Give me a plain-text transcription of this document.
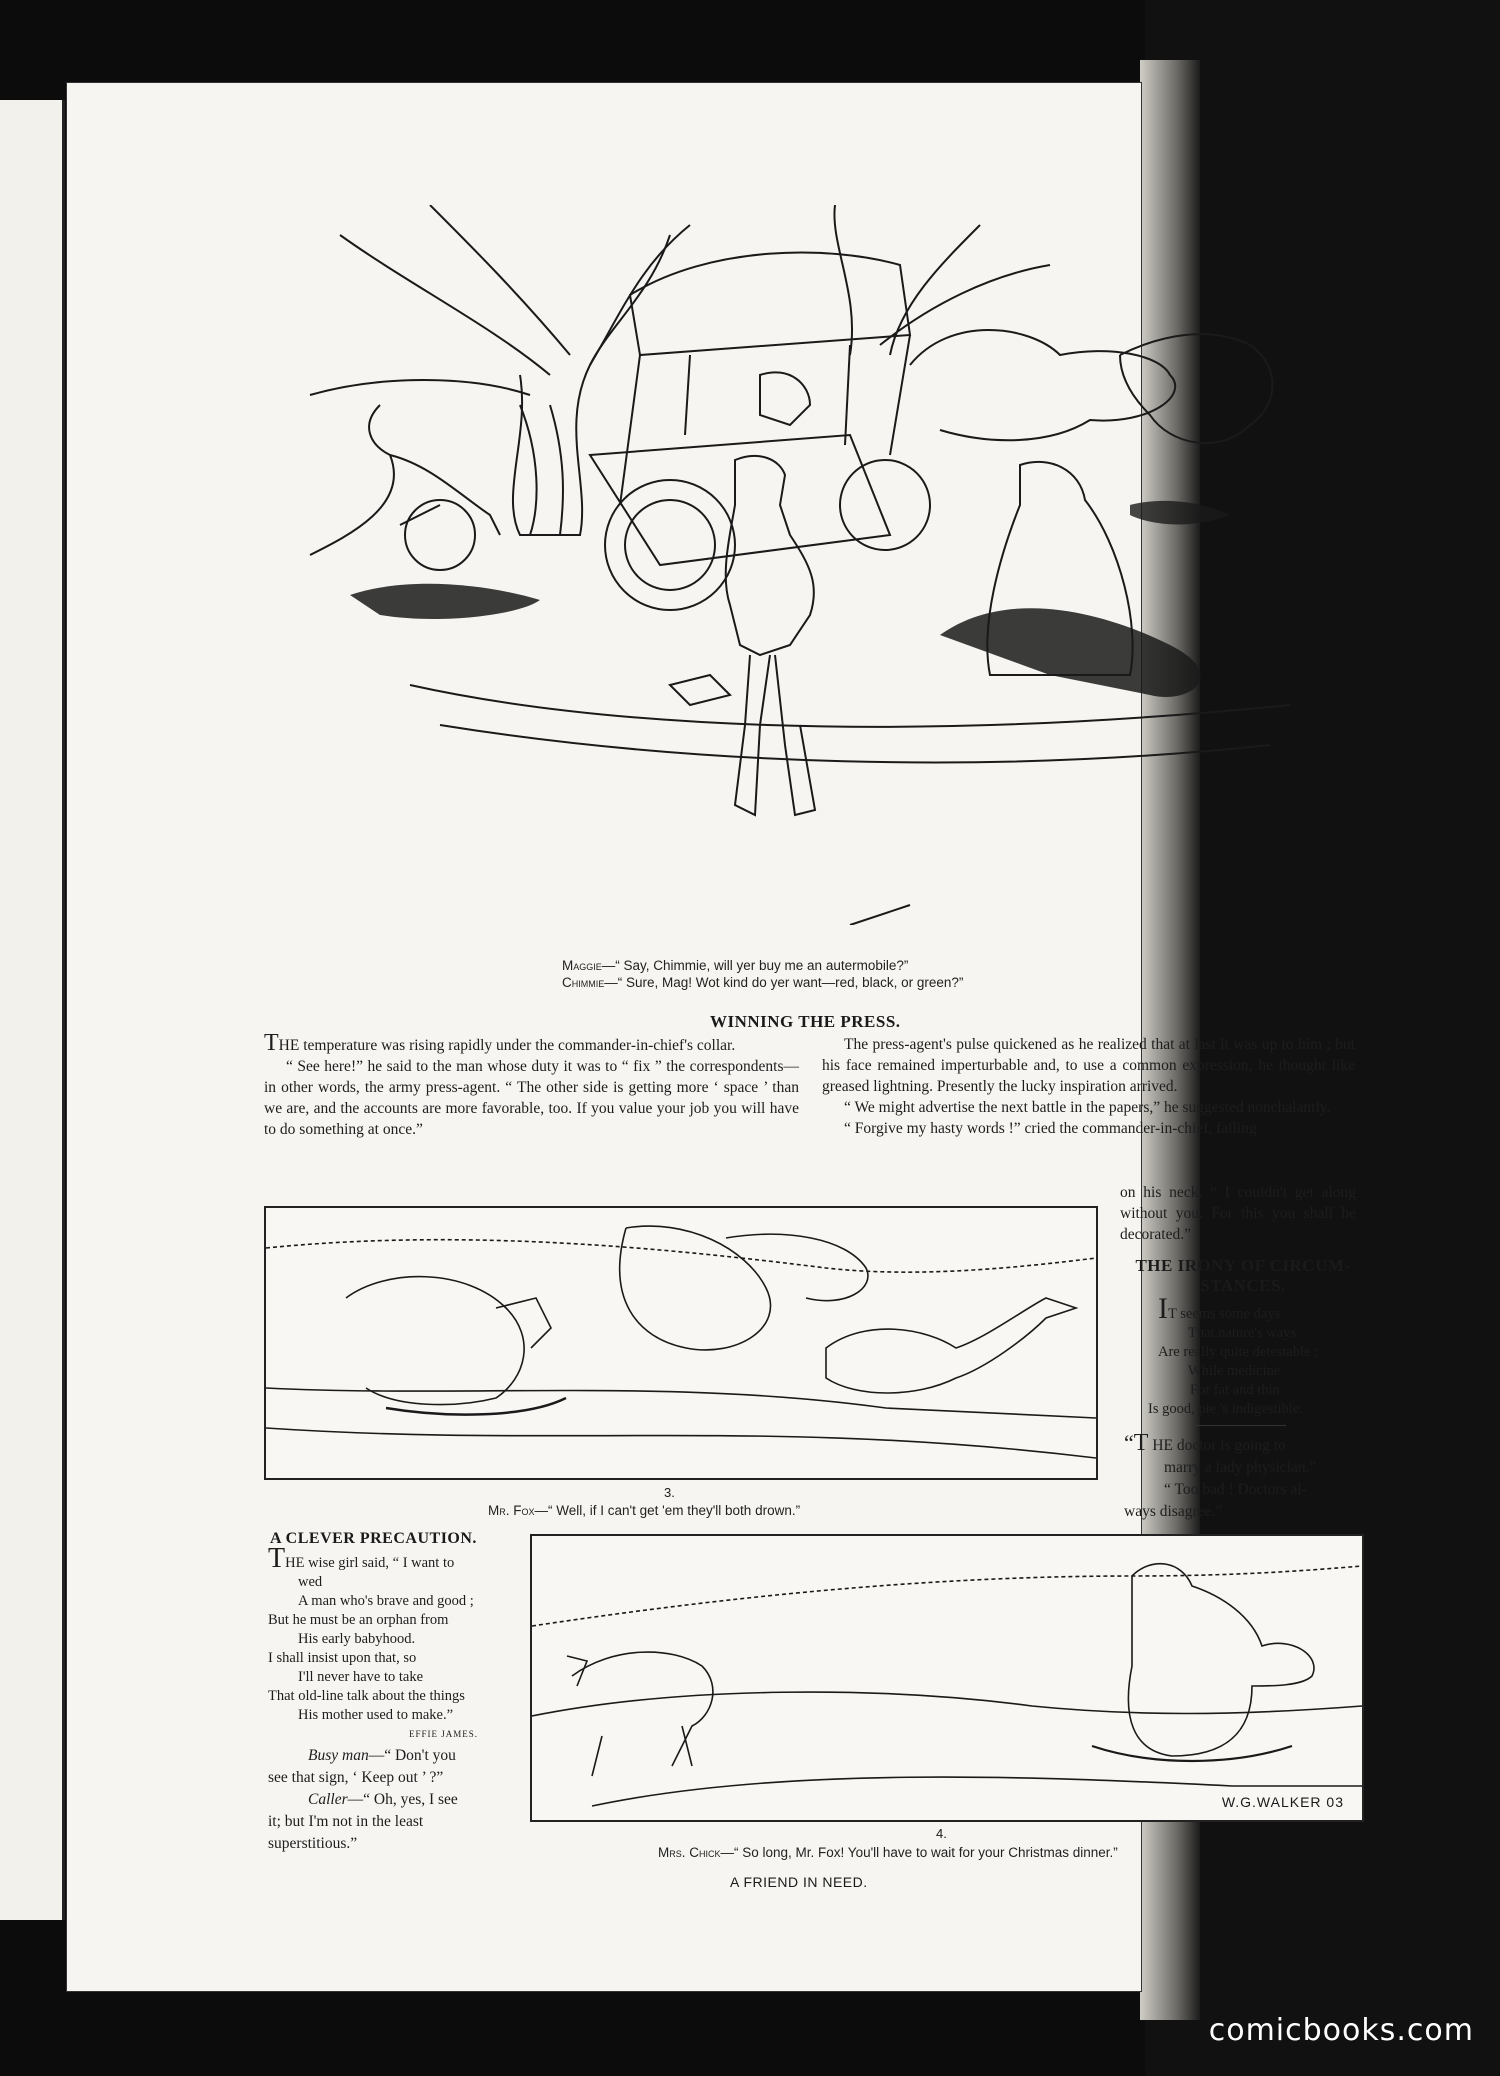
Maggie—“ Say, Chimmie, will yer buy me an autermobile?”
Chimmie—“ Sure, Mag! Wot kind do yer want—red, black, or green?”
WINNING THE PRESS.

THE temperature was rising rapidly under the commander-in-chief's collar.

“ See here!” he said to the man whose duty it was to “ fix ” the correspondents—in other words, the army press-agent. “ The other side is getting more ‘ space ’ than we are, and the accounts are more favorable, too. If you value your job you will have to do something at once.”

The press-agent's pulse quickened as he realized that at last it was up to him ; but his face remained imperturbable and, to use a common expression, he thought like greased lightning. Presently the lucky inspiration arrived.

“ We might advertise the next battle in the papers,” he suggested nonchalantly.

“ Forgive my hasty words !” cried the commander-in-chief, falling

on his neck. “ I couldn't get along without you. For this you shall be decorated.”
3.
Mr. Fox—“ Well, if I can't get 'em they'll both drown.”
THE IRONY OF CIRCUM-
STANCES.
IT seems some days
That nature's ways
Are really quite detestable ;
While medicine
For fat and thin
Is good, pie 's indigestible.
“T HE doctor is going to
marry a lady physician.”
“ Too bad ! Doctors al-
ways disagree.”
A CLEVER PRECAUTION.
THE wise girl said, “ I want to
wed
A man who's brave and good ;
But he must be an orphan from
His early babyhood.
I shall insist upon that, so
I'll never have to take
That old-line talk about the things
His mother used to make.”
EFFIE JAMES.
Busy man—“ Don't you
see that sign, ‘ Keep out ’ ?”
Caller—“ Oh, yes, I see
it; but I'm not in the least
superstitious.”
W.G.WALKER 03
4.
Mrs. Chick—“ So long, Mr. Fox! You'll have to wait for your Christmas dinner.”
A FRIEND IN NEED.
comicbooks.com
